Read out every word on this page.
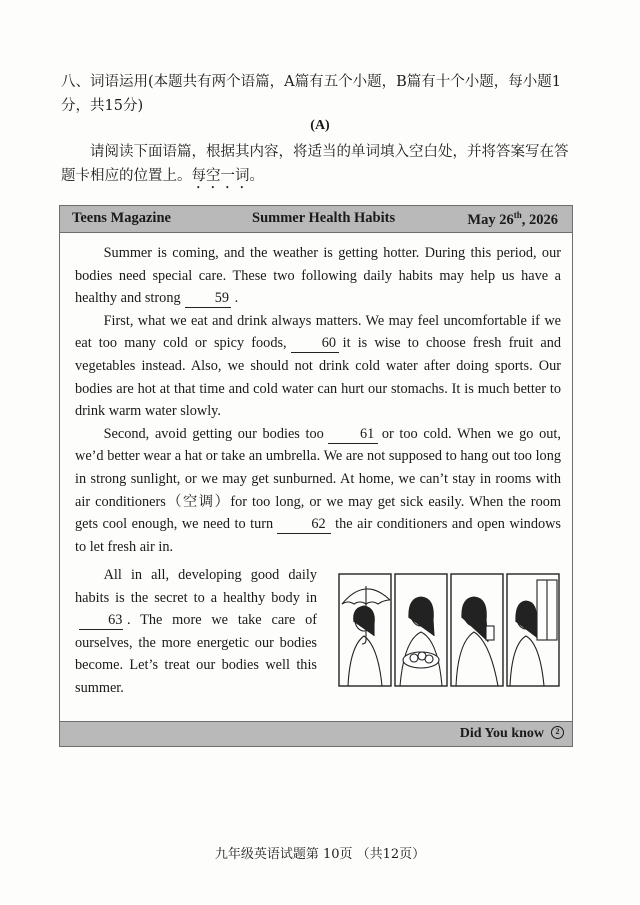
八、词语运用(本题共有两个语篇，A篇有五个小题，B篇有十个小题，每小题1分，共15分)
(A)
请阅读下面语篇，根据其内容，将适当的单词填入空白处，并将答案写在答题卡相应的位置上。每空一词。
Teens Magazine	Summer Health Habits	May 26th, 2026

Summer is coming, and the weather is getting hotter. During this period, our bodies need special care. These two following daily habits may help us have a healthy and strong 59 .

First, what we eat and drink always matters. We may feel uncomfortable if we eat too many cold or spicy foods, 60 it is wise to choose fresh fruit and vegetables instead. Also, we should not drink cold water after doing sports. Our bodies are hot at that time and cold water can hurt our stomachs. It is much better to drink warm water slowly.

Second, avoid getting our bodies too	61 or too cold. When we go out, we’d better wear a hat or take an umbrella. We are not supposed to hang out too long in strong sunlight, or we may get sunburned. At home, we can’t stay in rooms with air conditioners（空调）for too long, or we may get sick easily. When the room gets cool enough, we need to turn	62 the air conditioners and open windows to let fresh air in.

All in all, developing good daily habits is the secret to a healthy body in63 . The more we take care of ourselves, the more energetic our bodies become. Let’s treat our bodies well this summer.

Did You know	2
九年级英语试题第 10页 （共12页）
